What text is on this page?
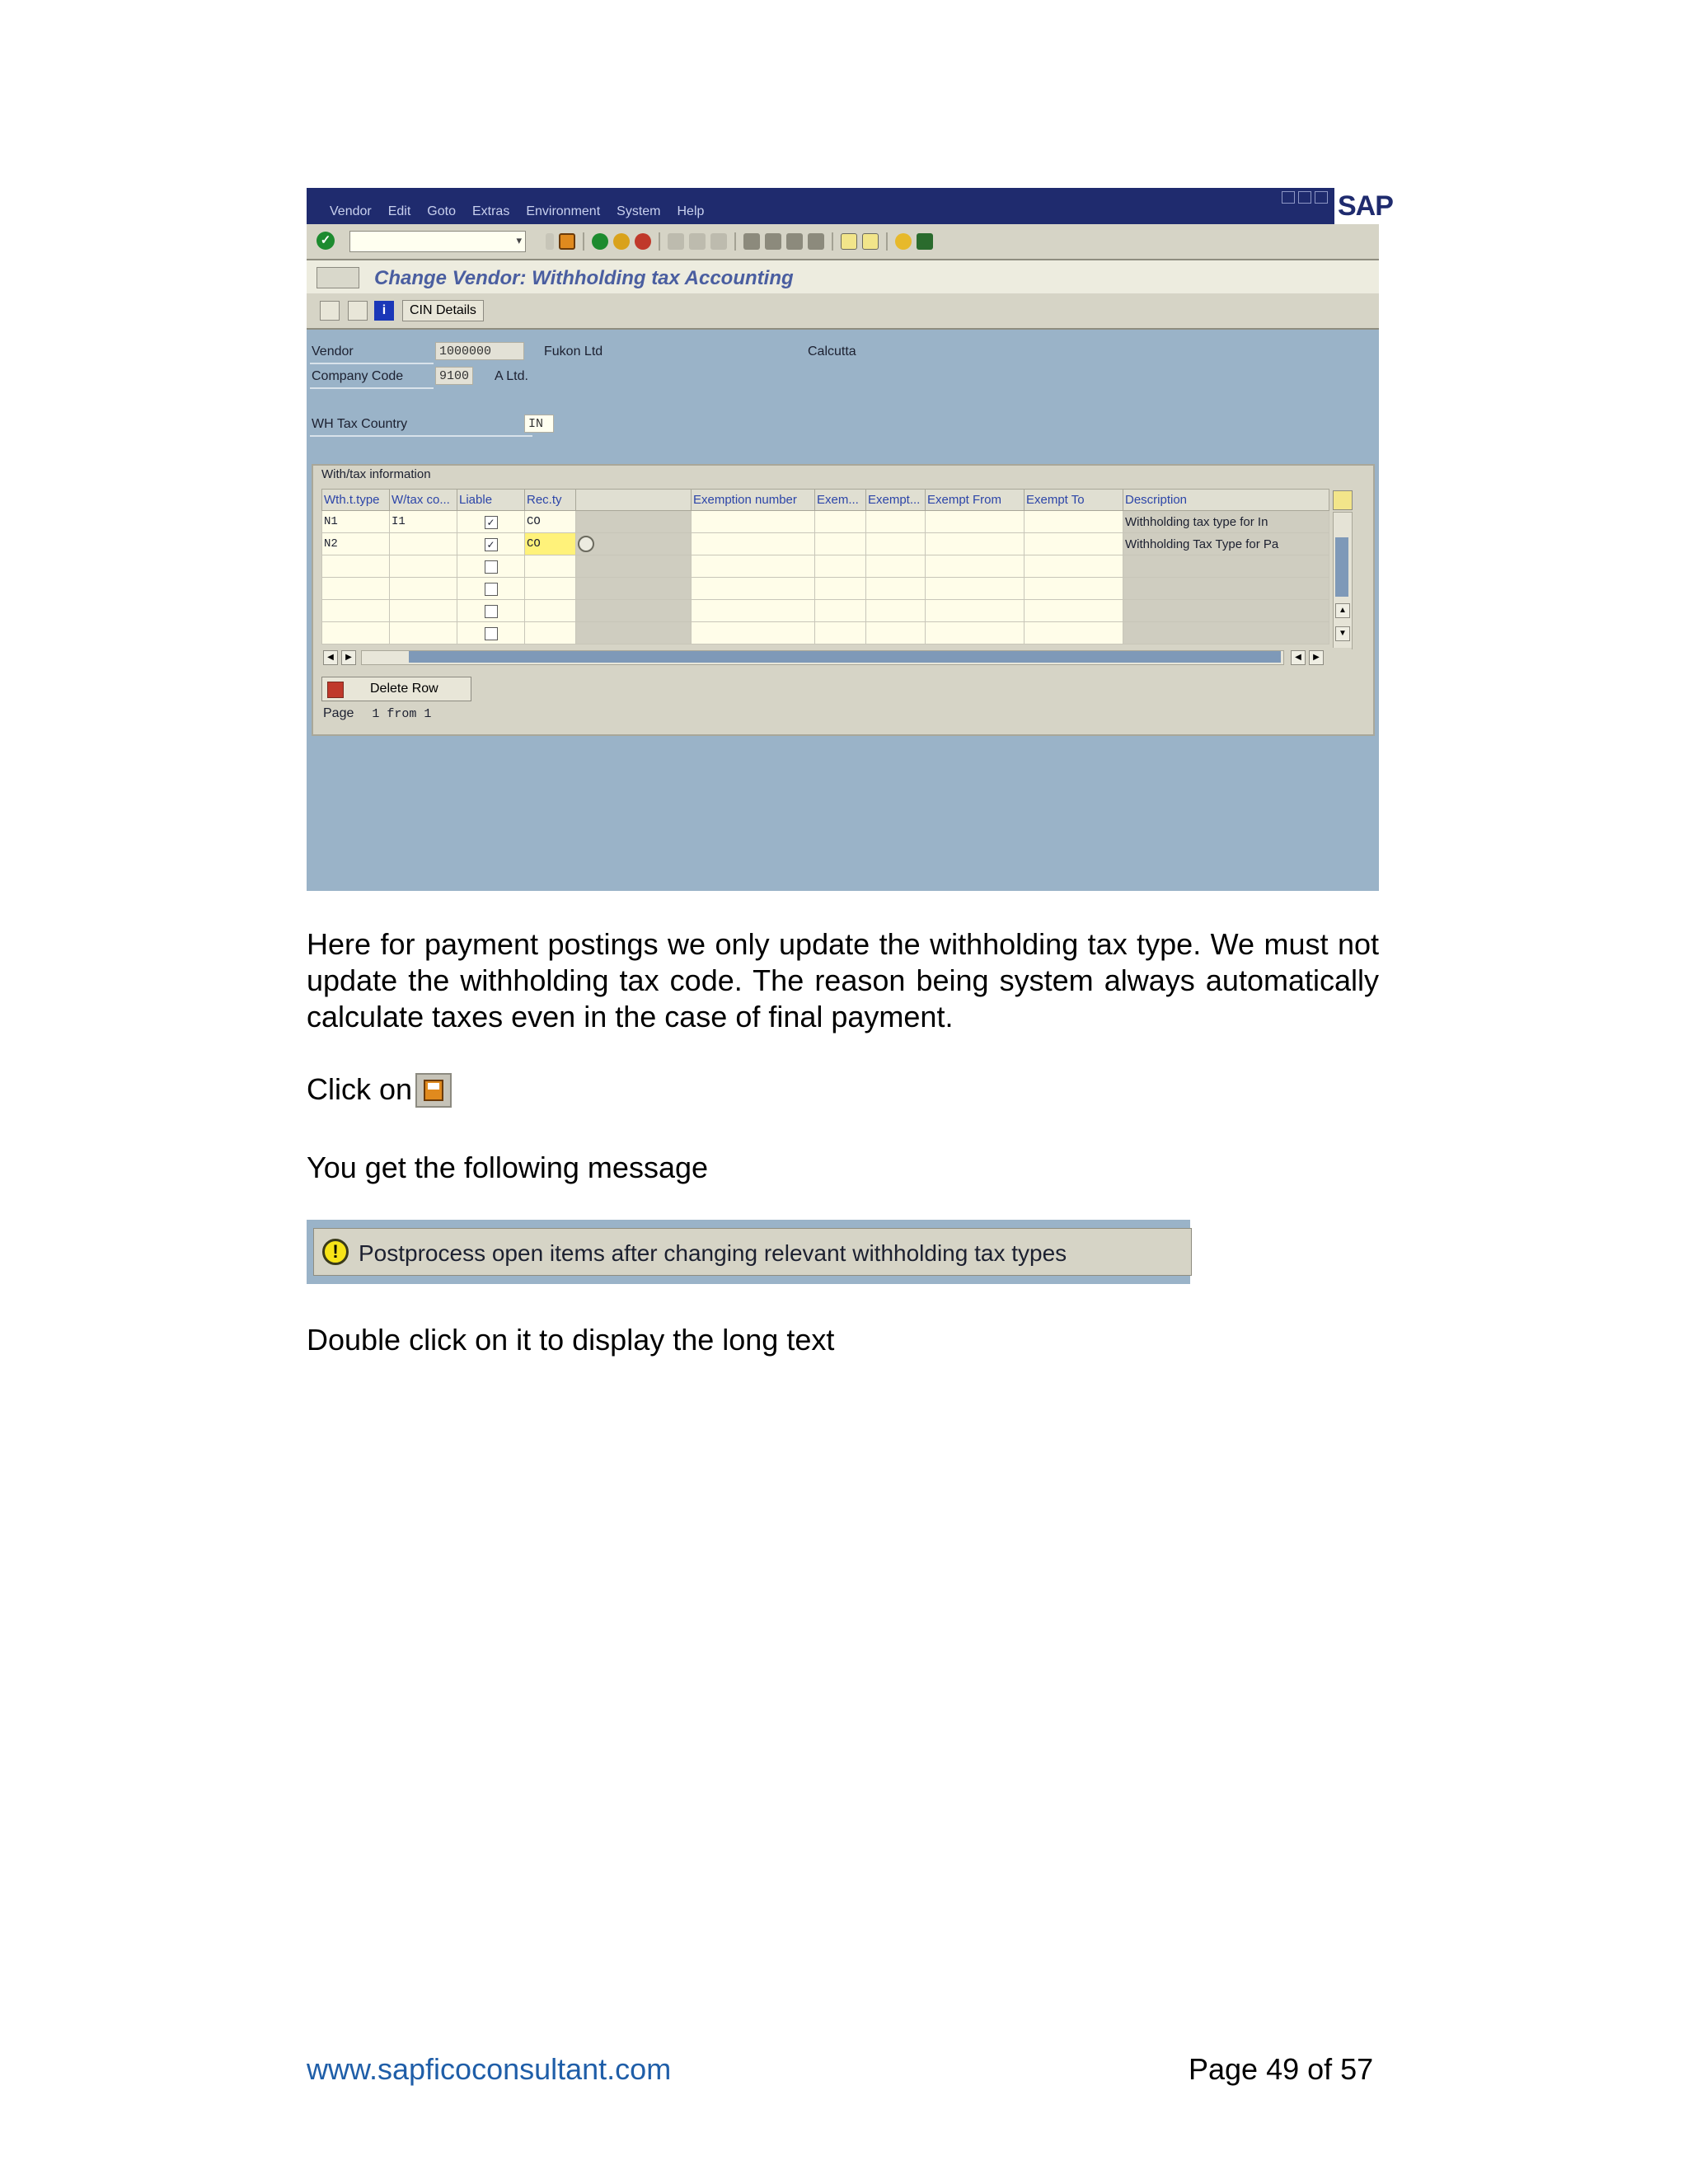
Vendor Edit Goto Extras Environment System Help	SAP
✓	▾
Change Vendor: Withholding tax Accounting
i	CIN Details
Vendor	1000000	Fukon Ltd	Calcutta
Company Code	9100	A Ltd.
WH Tax Country	IN
With/tax information
Wth.t.type	W/tax co...	Liable	Rec.ty		Exemption number	Exem...	Exempt...	Exempt From	Exempt To	Description
N1	I1	✓	CO							Withholding tax type for In
N2		✓	CO							Withholding Tax Type for Pa

▲
▼
◀	▶	◀	▶
Delete Row
Page 1 from 1
Here for payment postings we only update the withholding tax type. We must not update the withholding tax code. The reason being system always automatically calculate taxes even in the case of final payment.
Click on
You get the following message
! Postprocess open items after changing relevant withholding tax types
Double click on it to display the long text
www.sapficoconsultant.com	Page 49 of 57
